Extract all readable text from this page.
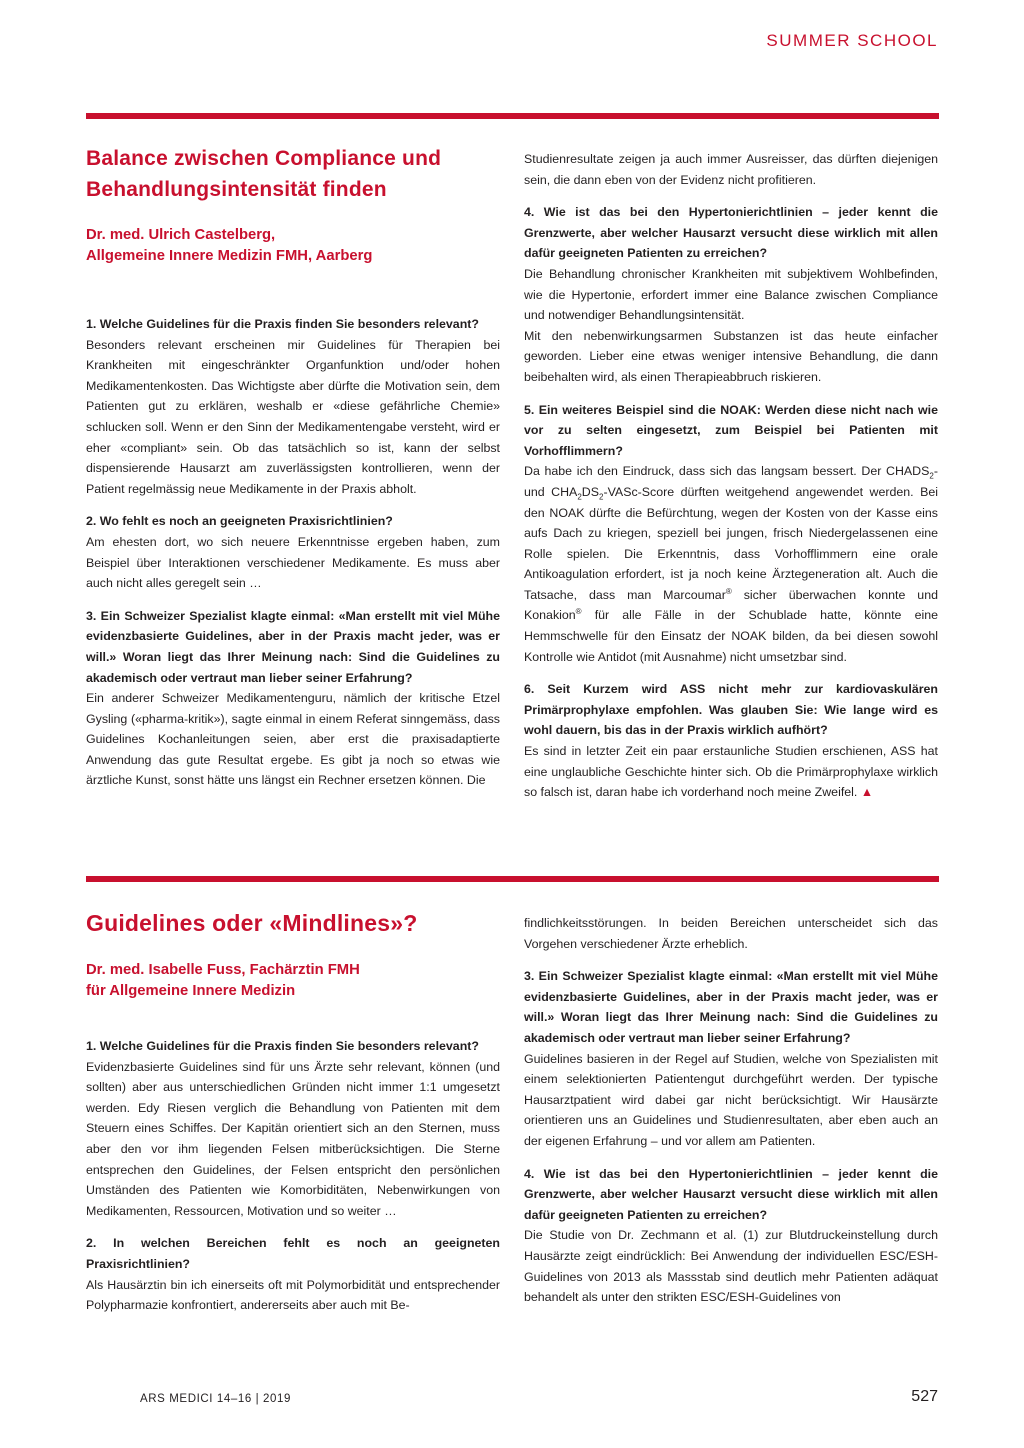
SUMMER SCHOOL
Balance zwischen Compliance und
Behandlungsintensität finden
Dr. med. Ulrich Castelberg,
Allgemeine Innere Medizin FMH, Aarberg

1. Welche Guidelines für die Praxis finden Sie besonders relevant?

Besonders relevant erscheinen mir Guidelines für Therapien bei Krankheiten mit eingeschränkter Organfunktion und/oder hohen Medikamentenkosten. Das Wichtigste aber dürfte die Motivation sein, dem Patienten gut zu erklären, weshalb er «diese gefährliche Chemie» schlucken soll. Wenn er den Sinn der Medikamentengabe versteht, wird er eher «compliant» sein. Ob das tatsächlich so ist, kann der selbst dispensierende Hausarzt am zuverlässigsten kontrollieren, wenn der Patient regelmässig neue Medikamente in der Praxis abholt.

2. Wo fehlt es noch an geeigneten Praxisrichtlinien?

Am ehesten dort, wo sich neuere Erkenntnisse ergeben haben, zum Beispiel über Interaktionen verschiedener Medikamente. Es muss aber auch nicht alles geregelt sein …

3. Ein Schweizer Spezialist klagte einmal: «Man erstellt mit viel Mühe evidenzbasierte Guidelines, aber in der Praxis macht jeder, was er will.» Woran liegt das Ihrer Meinung nach: Sind die Guidelines zu akademisch oder vertraut man lieber seiner Erfahrung?

Ein anderer Schweizer Medikamentenguru, nämlich der kritische Etzel Gysling («pharma-kritik»), sagte einmal in einem Referat sinngemäss, dass Guidelines Kochanleitungen seien, aber erst die praxisadaptierte Anwendung das gute Resultat ergebe. Es gibt ja noch so etwas wie ärztliche Kunst, sonst hätte uns längst ein Rechner ersetzen können. Die

Studienresultate zeigen ja auch immer Ausreisser, das dürften diejenigen sein, die dann eben von der Evidenz nicht profitieren.

4. Wie ist das bei den Hypertonierichtlinien – jeder kennt die Grenzwerte, aber welcher Hausarzt versucht diese wirklich mit allen dafür geeigneten Patienten zu erreichen?

Die Behandlung chronischer Krankheiten mit subjektivem Wohlbefinden, wie die Hypertonie, erfordert immer eine Balance zwischen Compliance und notwendiger Behandlungsintensität.

Mit den nebenwirkungsarmen Substanzen ist das heute einfacher geworden. Lieber eine etwas weniger intensive Behandlung, die dann beibehalten wird, als einen Therapieabbruch riskieren.

5. Ein weiteres Beispiel sind die NOAK: Werden diese nicht nach wie vor zu selten eingesetzt, zum Beispiel bei Patienten mit Vorhofflimmern?

Da habe ich den Eindruck, dass sich das langsam bessert. Der $CHADS_2-$ und $CHA_2DS_2-VASc$-Score dürften weitgehend angewendet werden. Bei den NOAK dürfte die Befürchtung, wegen der Kosten von der Kasse eins aufs Dach zu kriegen, speziell bei jungen, frisch Niedergelassenen eine Rolle spielen. Die Erkenntnis, dass Vorhofflimmern eine orale Antikoagulation erfordert, ist ja noch keine Ärztegeneration alt. Auch die Tatsache, dass man Marcoumar® sicher überwachen konnte und Konakion® für alle Fälle in der Schublade hatte, könnte eine Hemmschwelle für den Einsatz der NOAK bilden, da bei diesen sowohl Kontrolle wie Antidot (mit Ausnahme) nicht umsetzbar sind.

6. Seit Kurzem wird ASS nicht mehr zur kardiovaskulären Primärprophylaxe empfohlen. Was glauben Sie: Wie lange wird es wohl dauern, bis das in der Praxis wirklich aufhört?

Es sind in letzter Zeit ein paar erstaunliche Studien erschienen, ASS hat eine unglaubliche Geschichte hinter sich. Ob die Primärprophylaxe wirklich so falsch ist, daran habe ich vorderhand noch meine Zweifel. ▲

Guidelines oder «Mindlines»?
Dr. med. Isabelle Fuss, Fachärztin FMH
für Allgemeine Innere Medizin

1. Welche Guidelines für die Praxis finden Sie besonders relevant?

Evidenzbasierte Guidelines sind für uns Ärzte sehr relevant, können (und sollten) aber aus unterschiedlichen Gründen nicht immer 1:1 umgesetzt werden. Edy Riesen verglich die Behandlung von Patienten mit dem Steuern eines Schiffes. Der Kapitän orientiert sich an den Sternen, muss aber den vor ihm liegenden Felsen mitberücksichtigen. Die Sterne entsprechen den Guidelines, der Felsen entspricht den persönlichen Umständen des Patienten wie Komorbiditäten, Nebenwirkungen von Medikamenten, Ressourcen, Motivation und so weiter …

2. In welchen Bereichen fehlt es noch an geeigneten Praxisrichtlinien?

Als Hausärztin bin ich einerseits oft mit Polymorbidität und entsprechender Polypharmazie konfrontiert, andererseits aber auch mit Be-

findlichkeitsstörungen. In beiden Bereichen unterscheidet sich das Vorgehen verschiedener Ärzte erheblich.

3. Ein Schweizer Spezialist klagte einmal: «Man erstellt mit viel Mühe evidenzbasierte Guidelines, aber in der Praxis macht jeder, was er will.» Woran liegt das Ihrer Meinung nach: Sind die Guidelines zu akademisch oder vertraut man lieber seiner Erfahrung?

Guidelines basieren in der Regel auf Studien, welche von Spezialisten mit einem selektionierten Patientengut durchgeführt werden. Der typische Hausarztpatient wird dabei gar nicht berücksichtigt. Wir Hausärzte orientieren uns an Guidelines und Studienresultaten, aber eben auch an der eigenen Erfahrung – und vor allem am Patienten.

4. Wie ist das bei den Hypertonierichtlinien – jeder kennt die Grenzwerte, aber welcher Hausarzt versucht diese wirklich mit allen dafür geeigneten Patienten zu erreichen?

Die Studie von Dr. Zechmann et al. (1) zur Blutdruckeinstellung durch Hausärzte zeigt eindrücklich: Bei Anwendung der individuellen ESC/ESH-Guidelines von 2013 als Massstab sind deutlich mehr Patienten adäquat behandelt als unter den strikten ESC/ESH-Guidelines von

ARS MEDICI 14–16 | 2019	527
